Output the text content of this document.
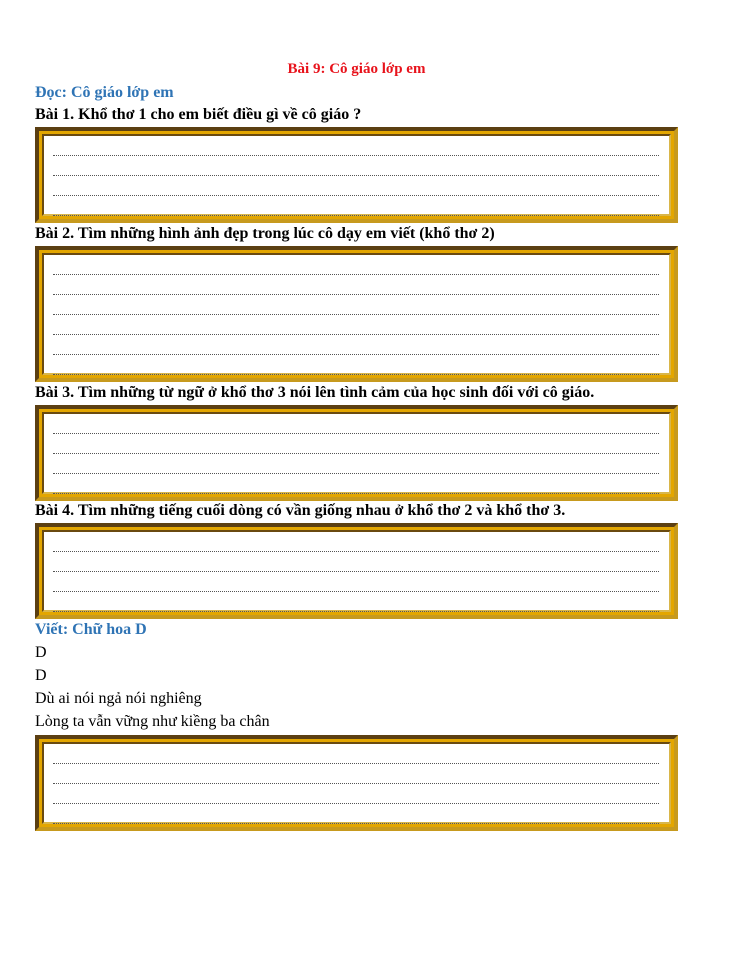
Bài 9: Cô giáo lớp em
Đọc: Cô giáo lớp em
Bài 1. Khổ thơ 1 cho em biết điều gì về cô giáo ?
Bài 2. Tìm những hình ảnh đẹp trong lúc cô dạy em viết (khổ thơ 2)
Bài 3. Tìm những từ ngữ ở khổ thơ 3 nói lên tình cảm của học sinh đối với cô giáo.
Bài 4. Tìm những tiếng cuối dòng có vần giống nhau ở khổ thơ 2 và khổ thơ 3.
Viết: Chữ hoa D
D
D
Dù ai nói ngả nói nghiêng
Lòng ta vẫn vững như kiềng ba chân
